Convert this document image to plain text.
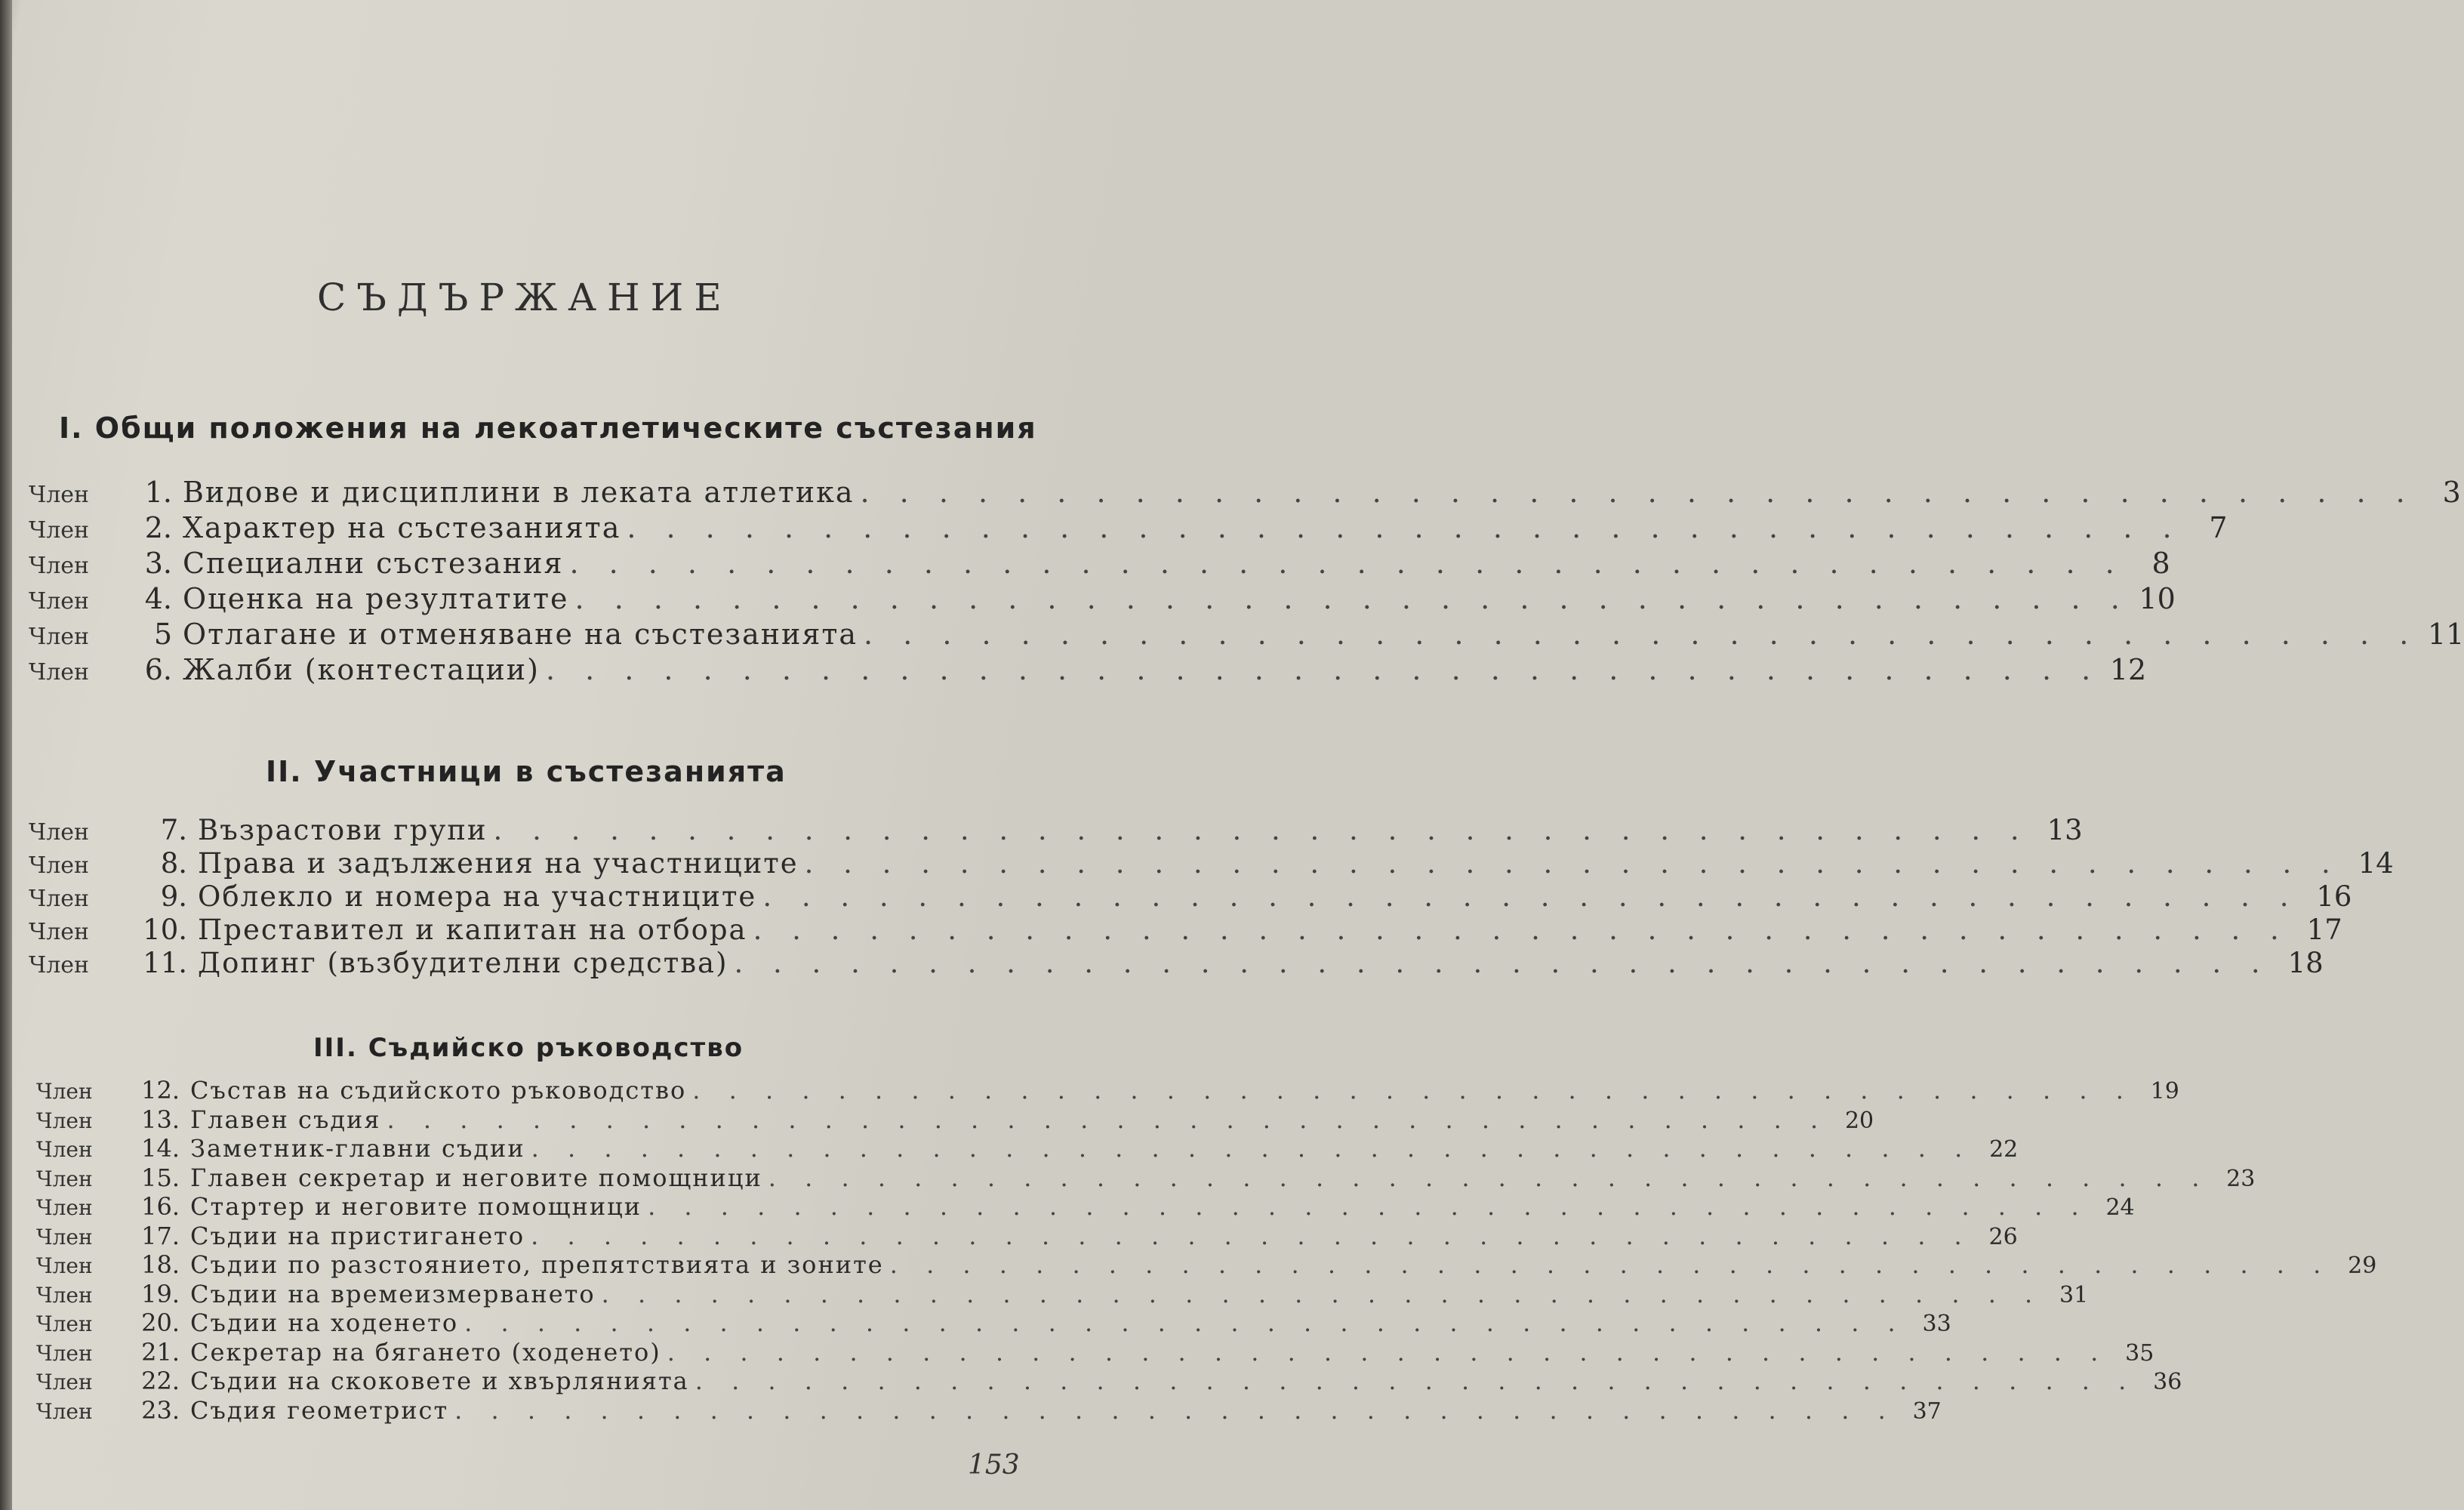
СЪДЪРЖАНИЕ
I. Общи положения на лекоатлетическите състезания
Член	1. Видове и дисциплини в леката атлетика . . . . . . . . . . . . . . . . . . . . . . . . . . . . . . . . . . . . . . . . 3
Член	2. Характер на състезанията . . . . . . . . . . . . . . . . . . . . . . . . . . . . . . . . . . . . . . . . 7
Член	3. Специални състезания . . . . . . . . . . . . . . . . . . . . . . . . . . . . . . . . . . . . . . . . 8
Член	4. Оценка на резултатите . . . . . . . . . . . . . . . . . . . . . . . . . . . . . . . . . . . . . . . . 10
Член	5 Отлагане и отменяване на състезанията . . . . . . . . . . . . . . . . . . . . . . . . . . . . . . . . . . . . . . . . 11
Член	6. Жалби (контестации) . . . . . . . . . . . . . . . . . . . . . . . . . . . . . . . . . . . . . . . . 12
II. Участници в състезанията
Член	7. Възрастови групи . . . . . . . . . . . . . . . . . . . . . . . . . . . . . . . . . . . . . . . . 13
Член	8. Права и задължения на участниците . . . . . . . . . . . . . . . . . . . . . . . . . . . . . . . . . . . . . . . . 14
Член	9. Облекло и номера на участниците . . . . . . . . . . . . . . . . . . . . . . . . . . . . . . . . . . . . . . . . 16
Член	10. Преставител и капитан на отбора . . . . . . . . . . . . . . . . . . . . . . . . . . . . . . . . . . . . . . . . 17
Член	11. Допинг (възбудителни средства) . . . . . . . . . . . . . . . . . . . . . . . . . . . . . . . . . . . . . . . . 18
III. Съдийско ръководство
Член	12. Състав на съдийското ръководство . . . . . . . . . . . . . . . . . . . . . . . . . . . . . . . . . . . . . . . . 19
Член	13. Главен съдия . . . . . . . . . . . . . . . . . . . . . . . . . . . . . . . . . . . . . . . . 20
Член	14. Заметник-главни съдии . . . . . . . . . . . . . . . . . . . . . . . . . . . . . . . . . . . . . . . . 22
Член	15. Главен секретар и неговите помощници . . . . . . . . . . . . . . . . . . . . . . . . . . . . . . . . . . . . . . . . 23
Член	16. Стартер и неговите помощници . . . . . . . . . . . . . . . . . . . . . . . . . . . . . . . . . . . . . . . . 24
Член	17. Съдии на пристигането . . . . . . . . . . . . . . . . . . . . . . . . . . . . . . . . . . . . . . . . 26
Член	18. Съдии по разстоянието, препятствията и зоните . . . . . . . . . . . . . . . . . . . . . . . . . . . . . . . . . . . . . . . . 29
Член	19. Съдии на времеизмерването . . . . . . . . . . . . . . . . . . . . . . . . . . . . . . . . . . . . . . . . 31
Член	20. Съдии на ходенето . . . . . . . . . . . . . . . . . . . . . . . . . . . . . . . . . . . . . . . . 33
Член	21. Секретар на бягането (ходенето) . . . . . . . . . . . . . . . . . . . . . . . . . . . . . . . . . . . . . . . . 35
Член	22. Съдии на скоковете и хвърлянията . . . . . . . . . . . . . . . . . . . . . . . . . . . . . . . . . . . . . . . . 36
Член	23. Съдия геометрист . . . . . . . . . . . . . . . . . . . . . . . . . . . . . . . . . . . . . . . . 37
153
